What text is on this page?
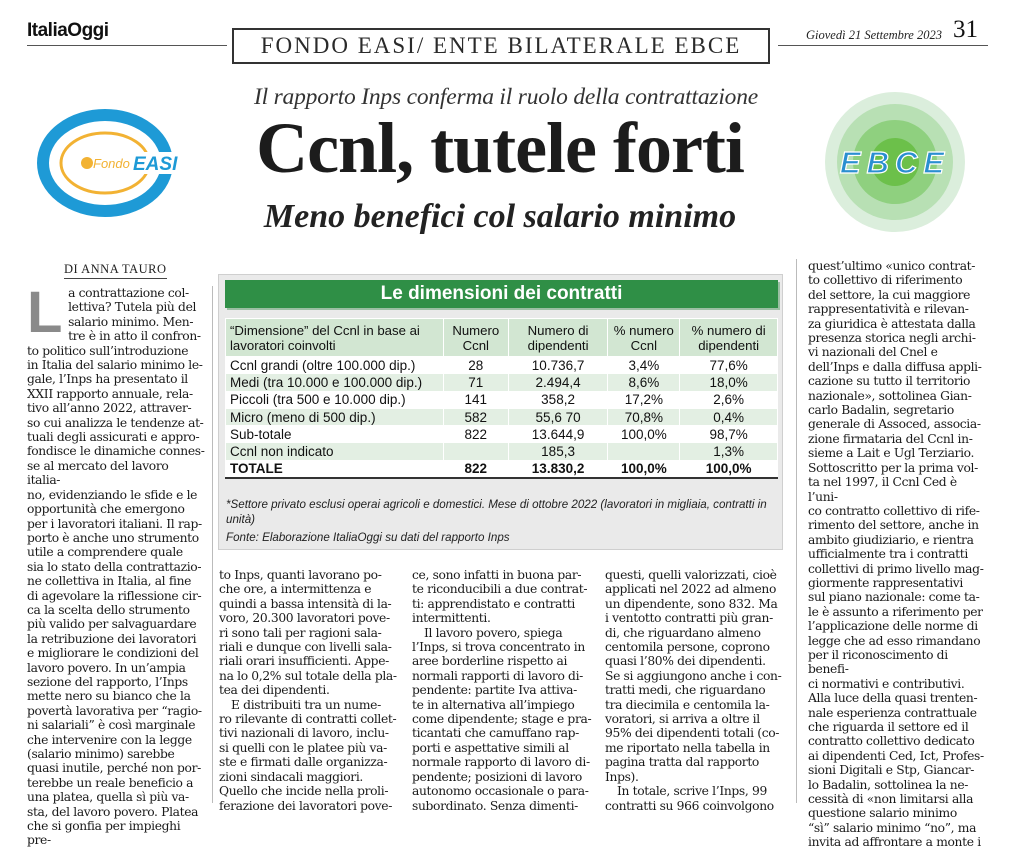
ItaliaOggi
FONDO EASI/ ENTE BILATERALE EBCE	Giovedì 21 Settembre 2023 31
Fondo EASI	EBCE
Il rapporto Inps conferma il ruolo della contrattazione
Ccnl, tutele forti
Meno benefici col salario minimo
DI ANNA TAURO
L a contrattazione col-

lettiva? Tutela più del

salario minimo. Men-

tre è in atto il confron-

to politico sull’introduzione

in Italia del salario minimo le-

gale, l’Inps ha presentato il

XXII rapporto annuale, rela-

tivo all’anno 2022, attraver-

so cui analizza le tendenze at-

tuali degli assicurati e appro-

fondisce le dinamiche connes-

se al mercato del lavoro italia-

no, evidenziando le sfide e le

opportunità che emergono

per i lavoratori italiani. Il rap-

porto è anche uno strumento

utile a comprendere quale

sia lo stato della contrattazio-

ne collettiva in Italia, al fine

di agevolare la riflessione cir-

ca la scelta dello strumento

più valido per salvaguardare

la retribuzione dei lavoratori

e migliorare le condizioni del

lavoro povero. In un’ampia

sezione del rapporto, l’Inps

mette nero su bianco che la

povertà lavorativa per “ragio-

ni salariali” è così marginale

che intervenire con la legge

(salario minimo) sarebbe

quasi inutile, perché non por-

terebbe un reale beneficio a

una platea, quella sì più va-

sta, del lavoro povero. Platea

che si gonfia per impieghi pre-

Le dimensioni dei contratti
“Dimensione” del Ccnl in base ai lavoratori coinvolti	Numero Ccnl	Numero di dipendenti	% numero Ccnl	% numero di dipendenti
Ccnl grandi (oltre 100.000 dip.)	28	10.736,7	3,4%	77,6%
Medi (tra 10.000 e 100.000 dip.)	71	2.494,4	8,6%	18,0%
Piccoli (tra 500 e 10.000 dip.)	141	358,2	17,2%	2,6%
Micro (meno di 500 dip.)	582	55,6 70	70,8%	0,4%
Sub-totale	822	13.644,9	100,0%	98,7%
Ccnl non indicato		185,3		1,3%
TOTALE	822	13.830,2	100,0%	100,0%
*Settore privato esclusi operai agricoli e domestici. Mese di ottobre 2022 (lavoratori in migliaia, contratti in unità)
Fonte: Elaborazione ItaliaOggi su dati del rapporto Inps

to Inps, quanti lavorano po-

che ore, a intermittenza e

quindi a bassa intensità di la-

voro, 20.300 lavoratori pove-

ri sono tali per ragioni sala-

riali e dunque con livelli sala-

riali orari insufficienti. Appe-

na lo 0,2% sul totale della pla-

tea dei dipendenti.

E distribuiti tra un nume-

ro rilevante di contratti collet-

tivi nazionali di lavoro, inclu-

si quelli con le platee più va-

ste e firmati dalle organizza-

zioni sindacali maggiori.

Quello che incide nella proli-

ferazione dei lavoratori pove-

ce, sono infatti in buona par-

te riconducibili a due contrat-

ti: apprendistato e contratti

intermittenti.

Il lavoro povero, spiega

l’Inps, si trova concentrato in

aree borderline rispetto ai

normali rapporti di lavoro di-

pendente: partite Iva attiva-

te in alternativa all’impiego

come dipendente; stage e pra-

ticantati che camuffano rap-

porti e aspettative simili al

normale rapporto di lavoro di-

pendente; posizioni di lavoro

autonomo occasionale o para-

subordinato. Senza dimenti-

questi, quelli valorizzati, cioè

applicati nel 2022 ad almeno

un dipendente, sono 832. Ma

i ventotto contratti più gran-

di, che riguardano almeno

centomila persone, coprono

quasi l’80% dei dipendenti.

Se si aggiungono anche i con-

tratti medi, che riguardano

tra diecimila e centomila la-

voratori, si arriva a oltre il

95% dei dipendenti totali (co-

me riportato nella tabella in

pagina tratta dal rapporto

Inps).

In totale, scrive l’Inps, 99

contratti su 966 coinvolgono

quest’ultimo «unico contrat-

to collettivo di riferimento

del settore, la cui maggiore

rappresentatività e rilevan-

za giuridica è attestata dalla

presenza storica negli archi-

vi nazionali del Cnel e

dell’Inps e dalla diffusa appli-

cazione su tutto il territorio

nazionale», sottolinea Gian-

carlo Badalin, segretario

generale di Assoced, associa-

zione firmataria del Ccnl in-

sieme a Lait e Ugl Terziario.

Sottoscritto per la prima vol-

ta nel 1997, il Ccnl Ced è l’uni-

co contratto collettivo di rife-

rimento del settore, anche in

ambito giudiziario, e rientra

ufficialmente tra i contratti

collettivi di primo livello mag-

giormente rappresentativi

sul piano nazionale: come ta-

le è assunto a riferimento per

l’applicazione delle norme di

legge che ad esso rimandano

per il riconoscimento di benefi-

ci normativi e contributivi.

Alla luce della quasi trenten-

nale esperienza contrattuale

che riguarda il settore ed il

contratto collettivo dedicato

ai dipendenti Ced, Ict, Profes-

sioni Digitali e Stp, Giancar-

lo Badalin, sottolinea la ne-

cessità di «non limitarsi alla

questione salario minimo

“sì” salario minimo “no”, ma

invita ad affrontare a monte i
